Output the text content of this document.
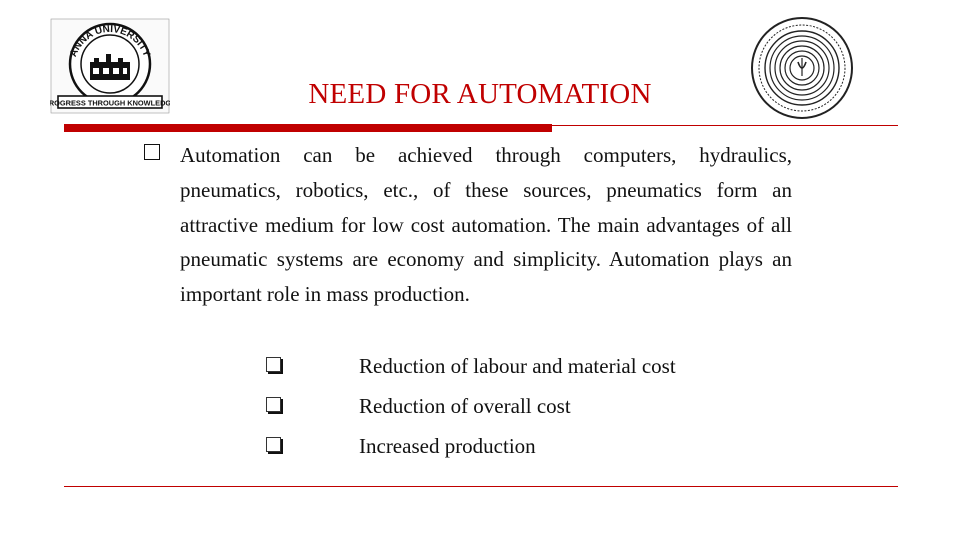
ANNA UNIVERSITY
PROGRESS THROUGH KNOWLEDGE	NEED FOR AUTOMATION
Automation can be achieved through computers, hydraulics, pneumatics, robotics, etc., of these sources, pneumatics form an attractive medium for low cost automation. The main advantages of all pneumatic systems are economy and simplicity. Automation plays an important role in mass production.
Reduction of labour and material cost
Reduction of overall cost
Increased production
